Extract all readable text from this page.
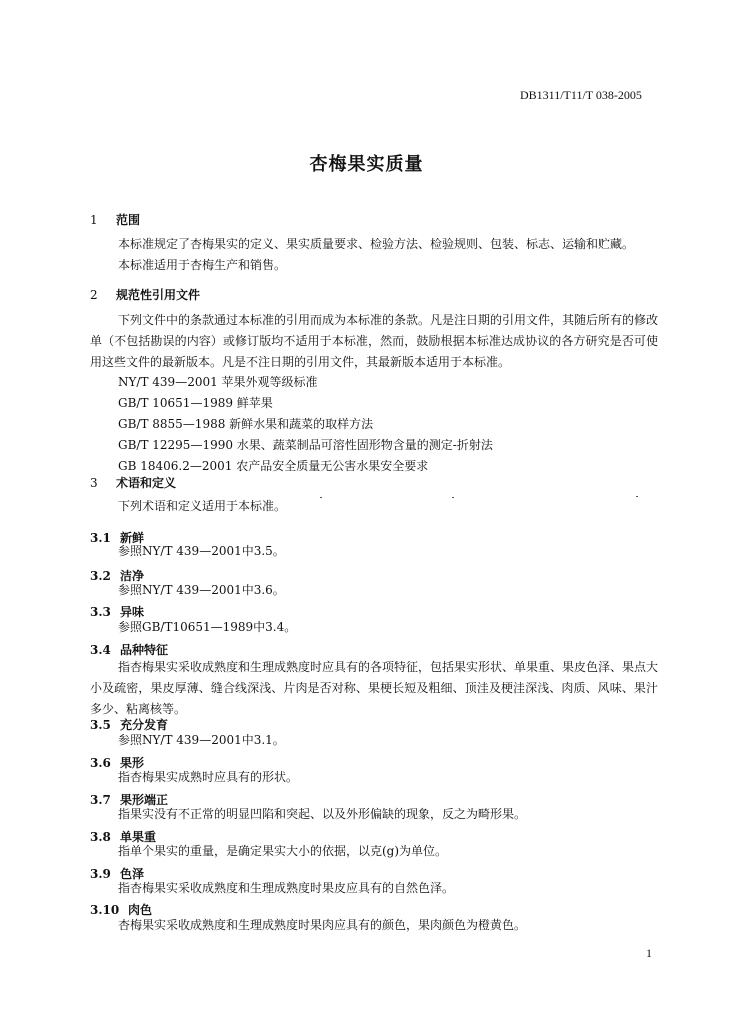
DB1311/T11/T 038-2005
杏梅果实质量
1 范围
本标准规定了杏梅果实的定义、果实质量要求、检验方法、检验规则、包装、标志、运输和贮藏。
本标准适用于杏梅生产和销售。
2 规范性引用文件
下列文件中的条款通过本标准的引用而成为本标准的条款。凡是注日期的引用文件，其随后所有的修改单（不包括勘误的内容）或修订版均不适用于本标准，然而，鼓励根据本标准达成协议的各方研究是否可使用这些文件的最新版本。凡是不注日期的引用文件，其最新版本适用于本标准。
NY/T 439—2001 苹果外观等级标准
GB/T 10651—1989 鲜苹果
GB/T 8855—1988 新鲜水果和蔬菜的取样方法
GB/T 12295—1990 水果、蔬菜制品可溶性固形物含量的测定-折射法
GB 18406.2—2001 农产品安全质量无公害水果安全要求
3 术语和定义
下列术语和定义适用于本标准。
3.1 新鲜
参照NY/T 439—2001中3.5。
3.2 洁净
参照NY/T 439—2001中3.6。
3.3 异味
参照GB/T10651—1989中3.4。
3.4 品种特征
指杏梅果实采收成熟度和生理成熟度时应具有的各项特征，包括果实形状、单果重、果皮色泽、果点大小及疏密，果皮厚薄、缝合线深浅、片肉是否对称、果梗长短及粗细、顶洼及梗洼深浅、肉质、风味、果汁多少、粘离核等。
3.5 充分发育
参照NY/T 439—2001中3.1。
3.6 果形
指杏梅果实成熟时应具有的形状。
3.7 果形端正
指果实没有不正常的明显凹陷和突起、以及外形偏缺的现象，反之为畸形果。
3.8 单果重
指单个果实的重量，是确定果实大小的依据，以克(g)为单位。
3.9 色泽
指杏梅果实采收成熟度和生理成熟度时果皮应具有的自然色泽。
3.10 肉色
杏梅果实采收成熟度和生理成熟度时果肉应具有的颜色，果肉颜色为橙黄色。
1
